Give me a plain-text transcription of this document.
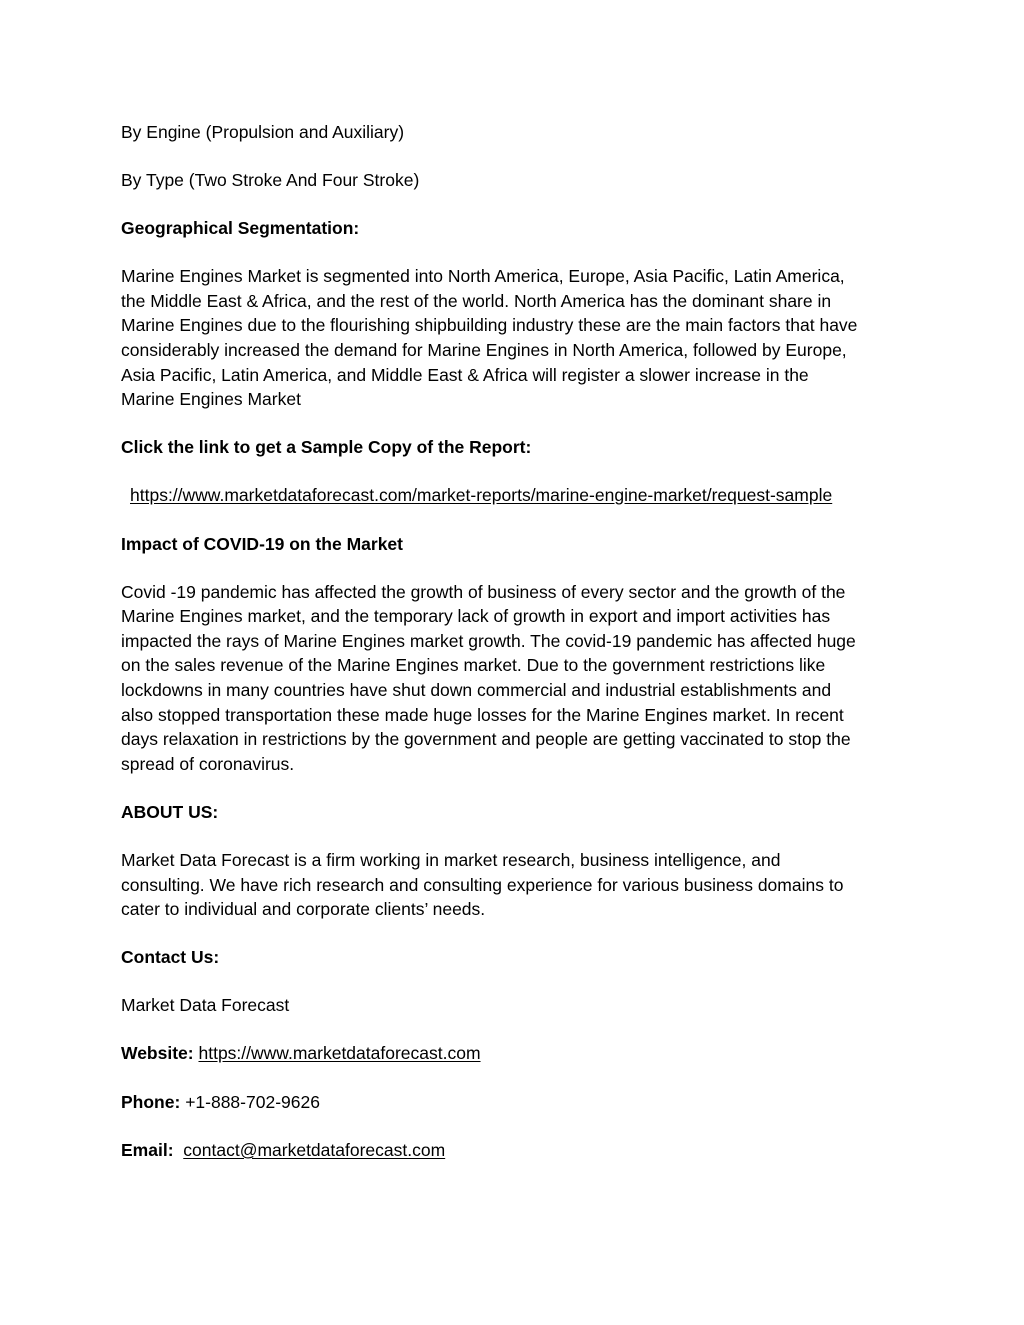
By Engine (Propulsion and Auxiliary)

By Type (Two Stroke And Four Stroke)

Geographical Segmentation:

Marine Engines Market is segmented into North America, Europe, Asia Pacific, Latin America,

the Middle East & Africa, and the rest of the world. North America has the dominant share in

Marine Engines due to the flourishing shipbuilding industry these are the main factors that have

considerably increased the demand for Marine Engines in North America, followed by Europe,

Asia Pacific, Latin America, and Middle East & Africa will register a slower increase in the

Marine Engines Market

Click the link to get a Sample Copy of the Report:

https://www.marketdataforecast.com/market-reports/marine-engine-market/request-sample

Impact of COVID-19 on the Market

Covid -19 pandemic has affected the growth of business of every sector and the growth of the

Marine Engines market, and the temporary lack of growth in export and import activities has

impacted the rays of Marine Engines market growth. The covid-19 pandemic has affected huge

on the sales revenue of the Marine Engines market. Due to the government restrictions like

lockdowns in many countries have shut down commercial and industrial establishments and

also stopped transportation these made huge losses for the Marine Engines market. In recent

days relaxation in restrictions by the government and people are getting vaccinated to stop the

spread of coronavirus.

ABOUT US:

Market Data Forecast is a firm working in market research, business intelligence, and

consulting. We have rich research and consulting experience for various business domains to

cater to individual and corporate clients’ needs.

Contact Us:

Market Data Forecast

Website: https://www.marketdataforecast.com

Phone: +1-888-702-9626

Email: contact@marketdataforecast.com
